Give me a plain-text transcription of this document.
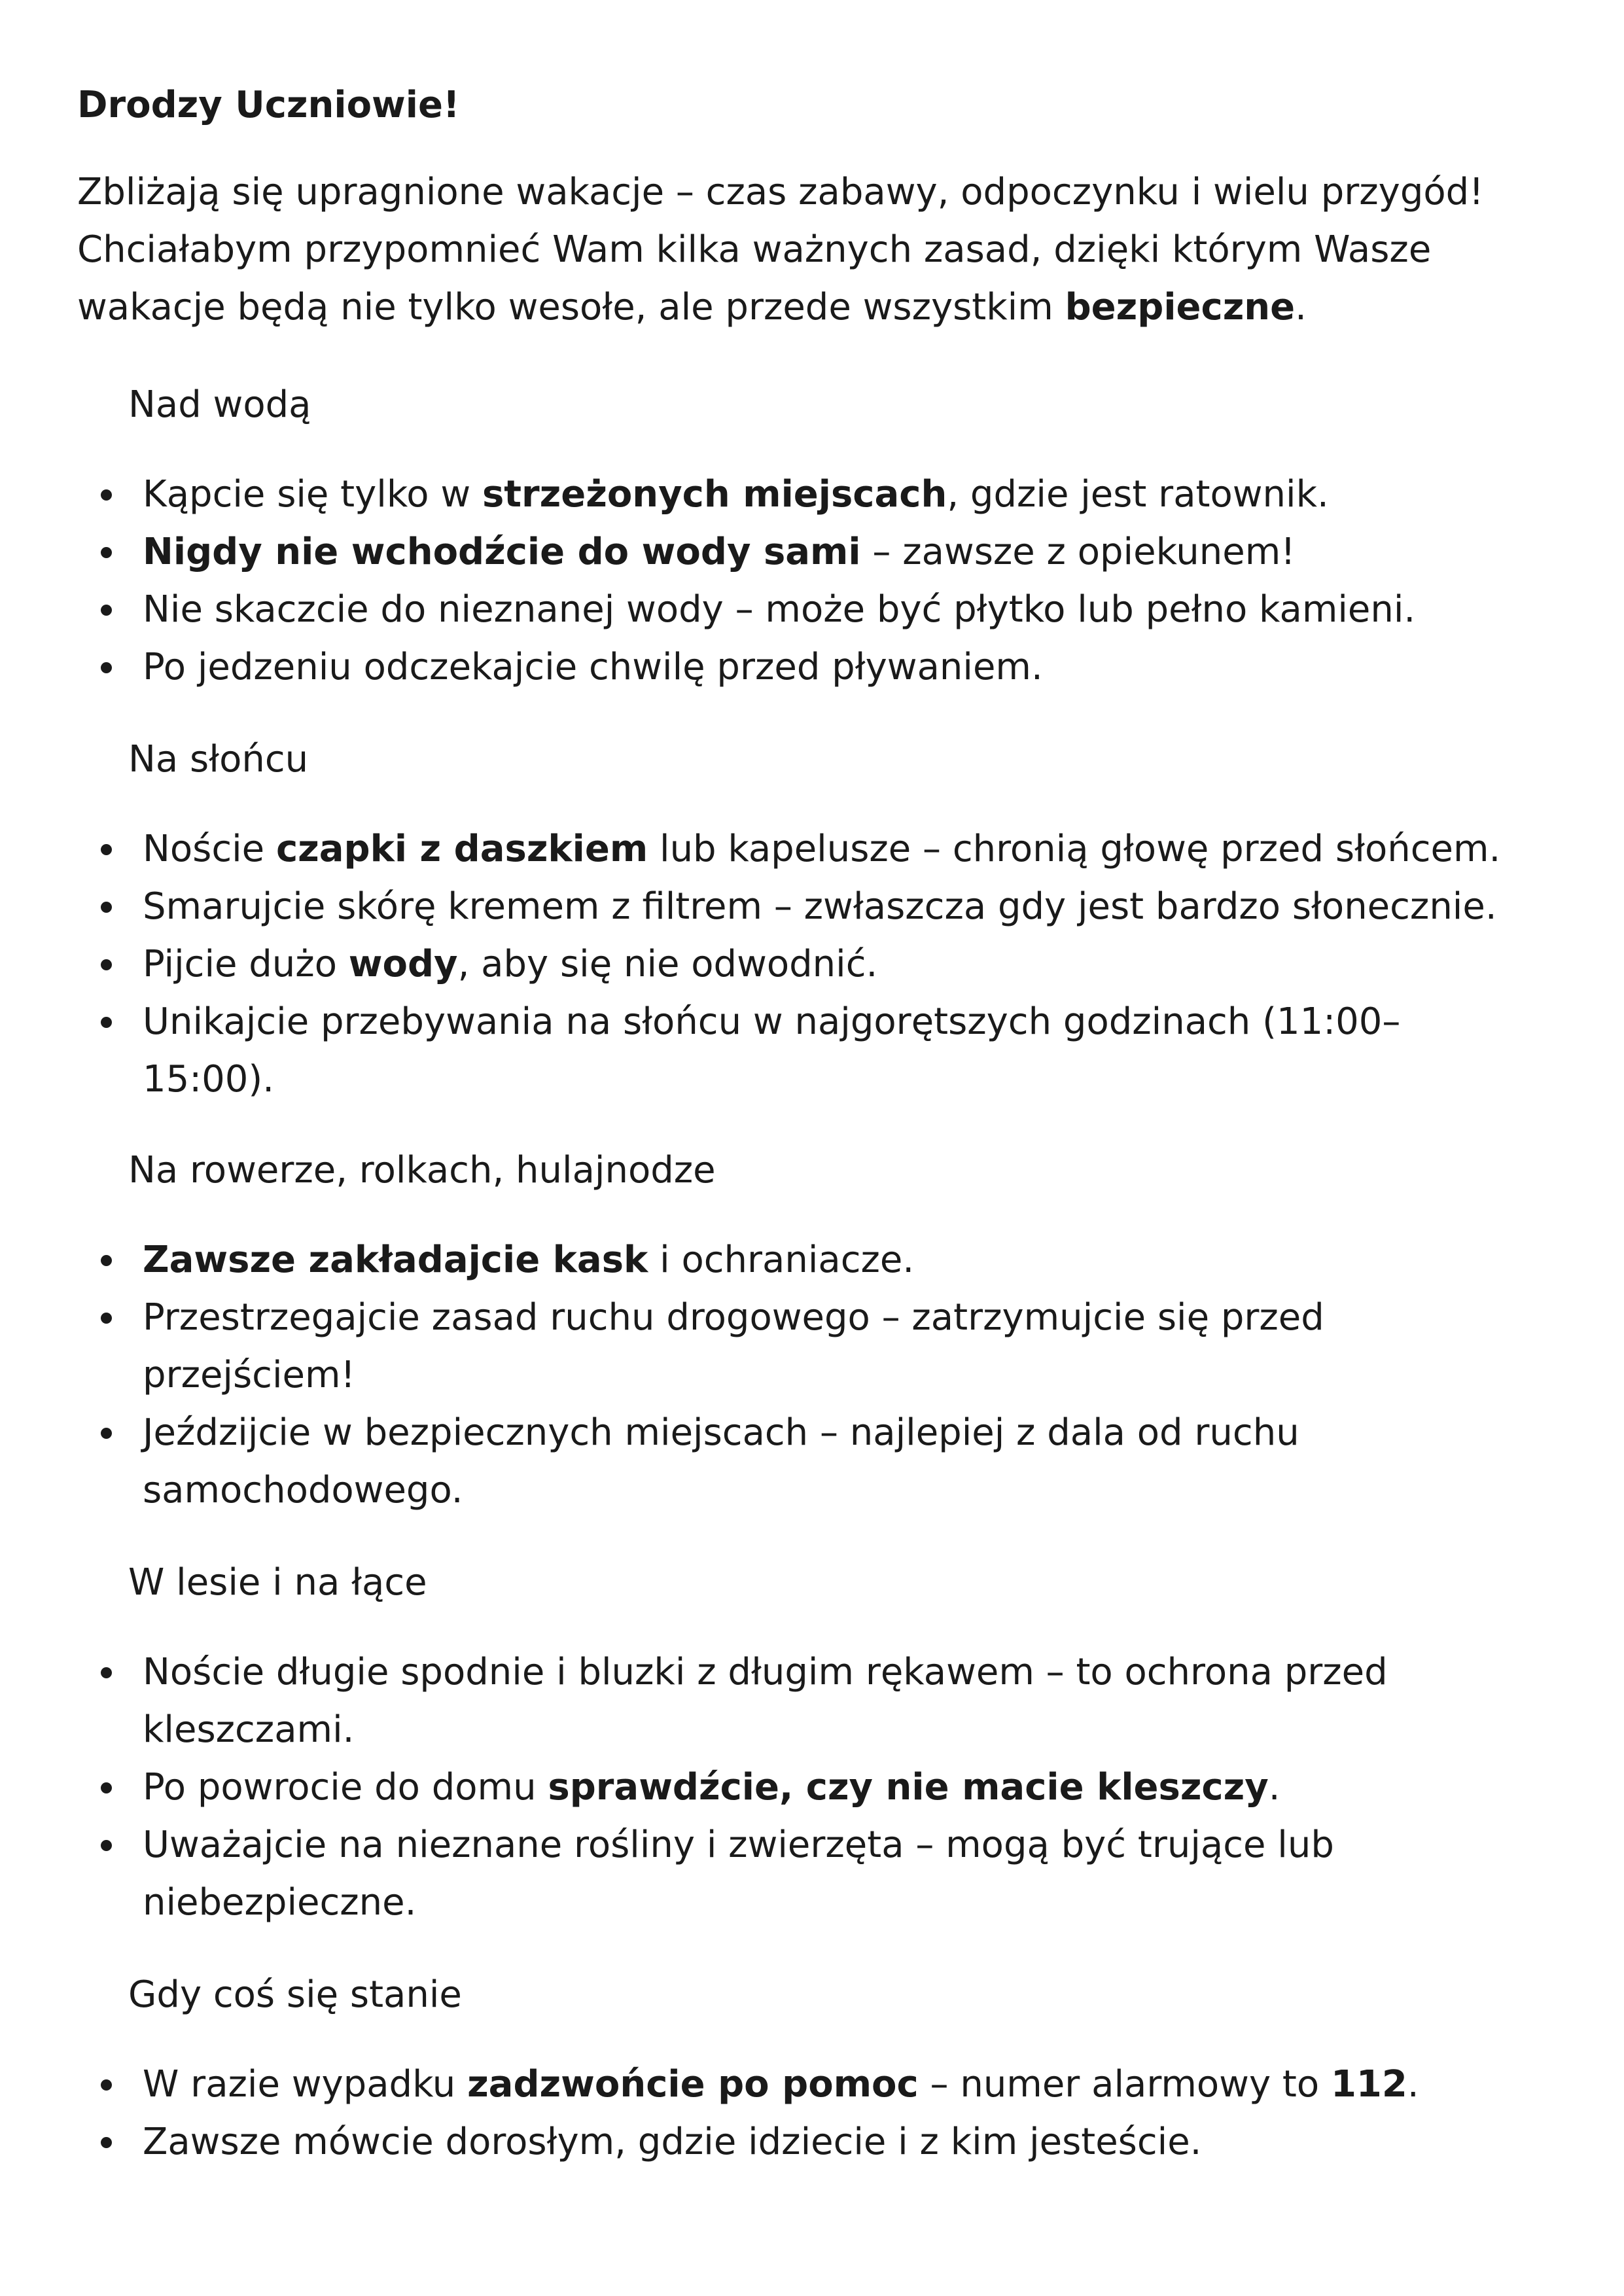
Drodzy Uczniowie!

Zbliżają się upragnione wakacje – czas zabawy, odpoczynku i wielu przygód!
Chciałabym przypomnieć Wam kilka ważnych zasad, dzięki którym Wasze
wakacje będą nie tylko wesołe, ale przede wszystkim bezpieczne.

Nad wodą

Kąpcie się tylko w strzeżonych miejscach, gdzie jest ratownik.
Nigdy nie wchodźcie do wody sami – zawsze z opiekunem!
Nie skaczcie do nieznanej wody – może być płytko lub pełno kamieni.
Po jedzeniu odczekajcie chwilę przed pływaniem.

Na słońcu

Noście czapki z daszkiem lub kapelusze – chronią głowę przed słońcem.
Smarujcie skórę kremem z filtrem – zwłaszcza gdy jest bardzo słonecznie.
Pijcie dużo wody, aby się nie odwodnić.
Unikajcie przebywania na słońcu w najgorętszych godzinach (11:00–
15:00).

Na rowerze, rolkach, hulajnodze

Zawsze zakładajcie kask i ochraniacze.
Przestrzegajcie zasad ruchu drogowego – zatrzymujcie się przed
przejściem!
Jeździjcie w bezpiecznych miejscach – najlepiej z dala od ruchu
samochodowego.

W lesie i na łące

Noście długie spodnie i bluzki z długim rękawem – to ochrona przed
kleszczami.
Po powrocie do domu sprawdźcie, czy nie macie kleszczy.
Uważajcie na nieznane rośliny i zwierzęta – mogą być trujące lub
niebezpieczne.

Gdy coś się stanie

W razie wypadku zadzwońcie po pomoc – numer alarmowy to 112.
Zawsze mówcie dorosłym, gdzie idziecie i z kim jesteście.
